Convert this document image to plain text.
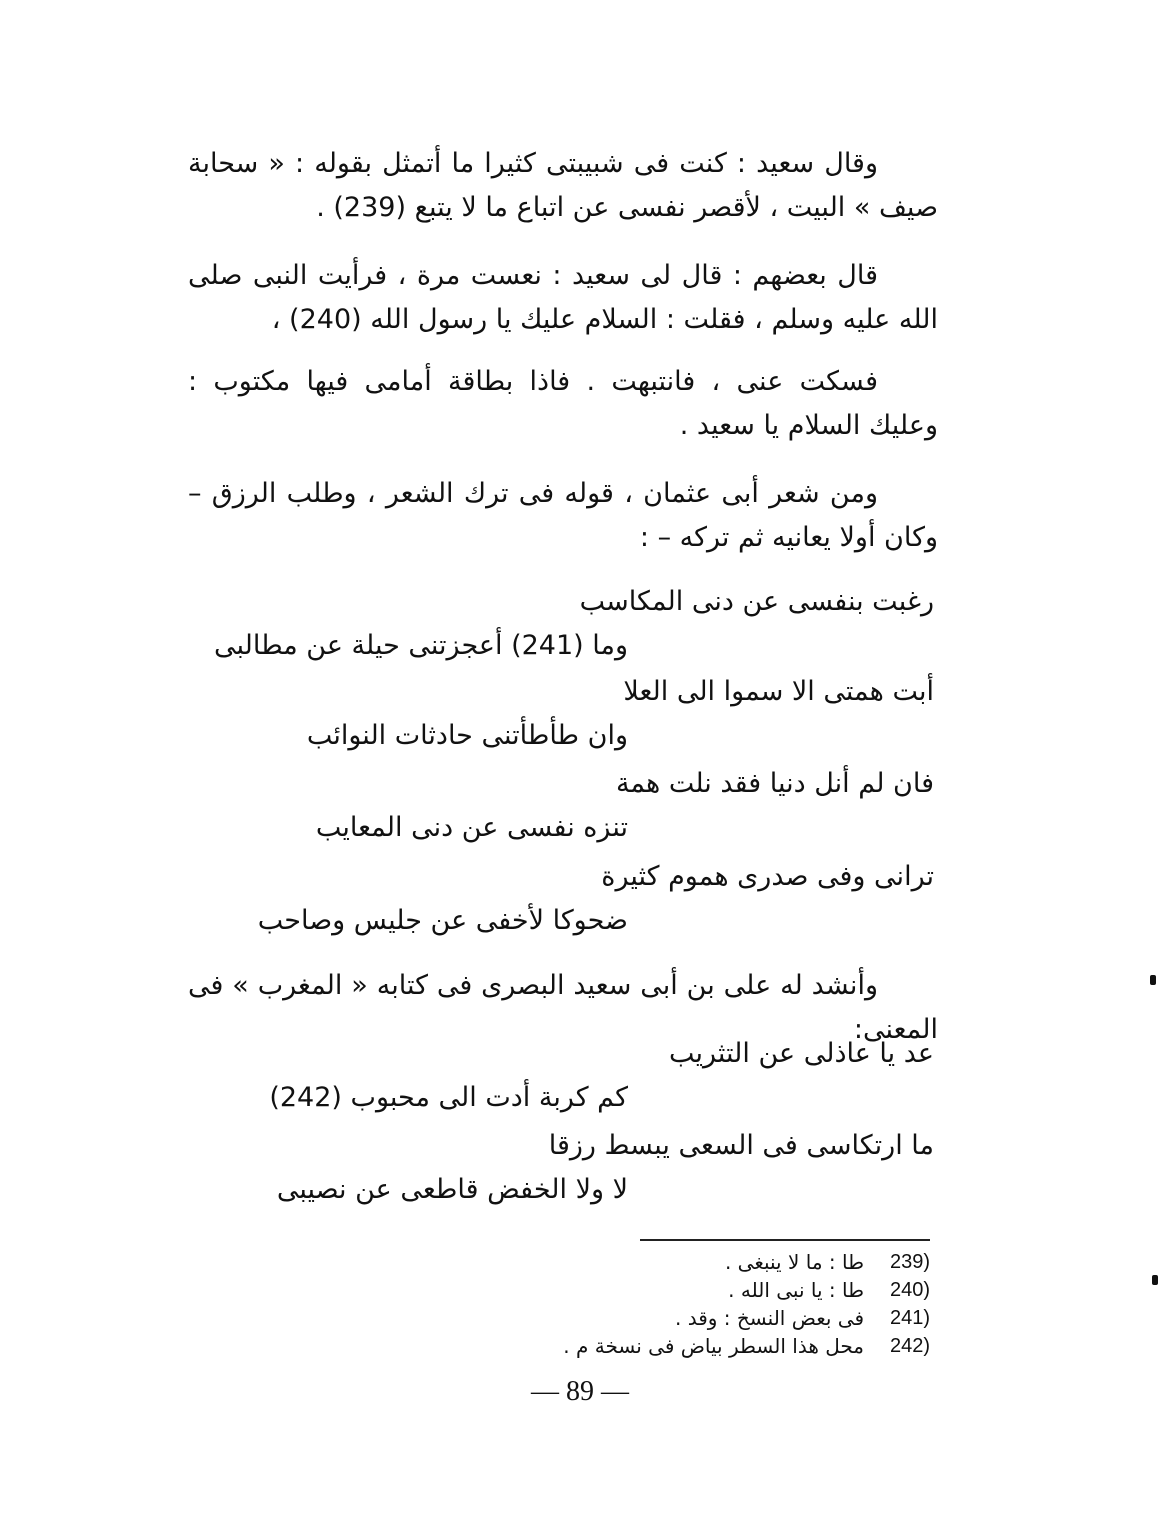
وقال سعيد : كنت فى شبيبتى كثيرا ما أتمثل بقوله : « سحابة صيف » البيت ، لأقصر نفسى عن اتباع ما لا يتبع (239) .

قال بعضهم : قال لى سعيد : نعست مرة ، فرأيت النبى صلى الله عليه وسلم ، فقلت : السلام عليك يا رسول الله (240) ،

فسكت عنى ، فانتبهت . فاذا بطاقة أمامى فيها مكتوب : وعليك السلام يا سعيد .

ومن شعر أبى عثمان ، قوله فى ترك الشعر ، وطلب الرزق – وكان أولا يعانيه ثم تركه – :

رغبت بنفسى عن دنى المكاسب
وما (241) أعجزتنى حيلة عن مطالبى
أبت همتى الا سموا الى العلا
وان طأطأتنى حادثات النوائب
فان لم أنل دنيا فقد نلت همة
تنزه نفسى عن دنى المعايب
ترانى وفى صدرى هموم كثيرة
ضحوكا لأخفى عن جليس وصاحب

وأنشد له على بن أبى سعيد البصرى فى كتابه « المغرب » فى المعنى:

عد يا عاذلى عن التثريب
كم كربة أدت الى محبوب (242)
ما ارتكاسى فى السعى يبسط رزقا
لا ولا الخفض قاطعى عن نصيبى
239)
طا : ما لا ينبغى .
240)
طا : يا نبى الله .
241)
فى بعض النسخ : وقد .
242)
محل هذا السطر بياض فى نسخة م .
— 89 —
